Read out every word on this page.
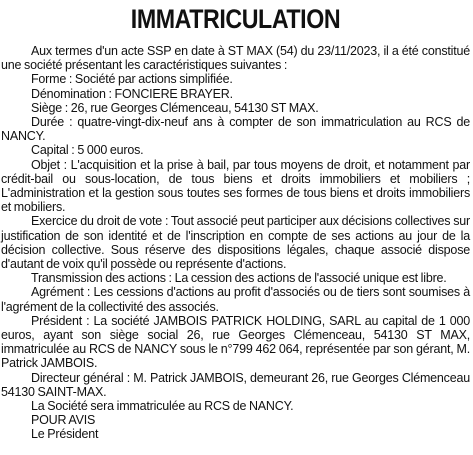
IMMATRICULATION

Aux termes d'un acte SSP en date à ST MAX (54) du 23/11/2023, il a été constitué une société présentant les caractéristiques suivantes :

Forme : Société par actions simplifiée.

Dénomination : FONCIERE BRAYER.

Siège : 26, rue Georges Clémenceau, 54130 ST MAX.

Durée : quatre-vingt-dix-neuf ans à compter de son immatriculation au RCS de NANCY.

Capital : 5 000 euros.

Objet : L'acquisition et la prise à bail, par tous moyens de droit, et notamment par crédit-bail ou sous-location, de tous biens et droits immobiliers et mobiliers ; L'administration et la gestion sous toutes ses formes de tous biens et droits immobiliers et mobiliers.

Exercice du droit de vote : Tout associé peut participer aux décisions collectives sur justification de son identité et de l'inscription en compte de ses actions au jour de la décision collective. Sous réserve des dispositions légales, chaque associé dispose d'autant de voix qu'il possède ou représente d'actions.

Transmission des actions : La cession des actions de l'associé unique est libre.

Agrément : Les cessions d'actions au profit d'associés ou de tiers sont soumises à l'agrément de la collectivité des associés.

Président : La société JAMBOIS PATRICK HOLDING, SARL au capital de 1 000 euros, ayant son siège social 26, rue Georges Clémenceau, 54130 ST MAX, immatriculée au RCS de NANCY sous le n°799 462 064, représentée par son gérant, M. Patrick JAMBOIS.

Directeur général : M. Patrick JAMBOIS, demeurant 26, rue Georges Clémenceau 54130 SAINT-MAX.

La Société sera immatriculée au RCS de NANCY.

POUR AVIS

Le Président
